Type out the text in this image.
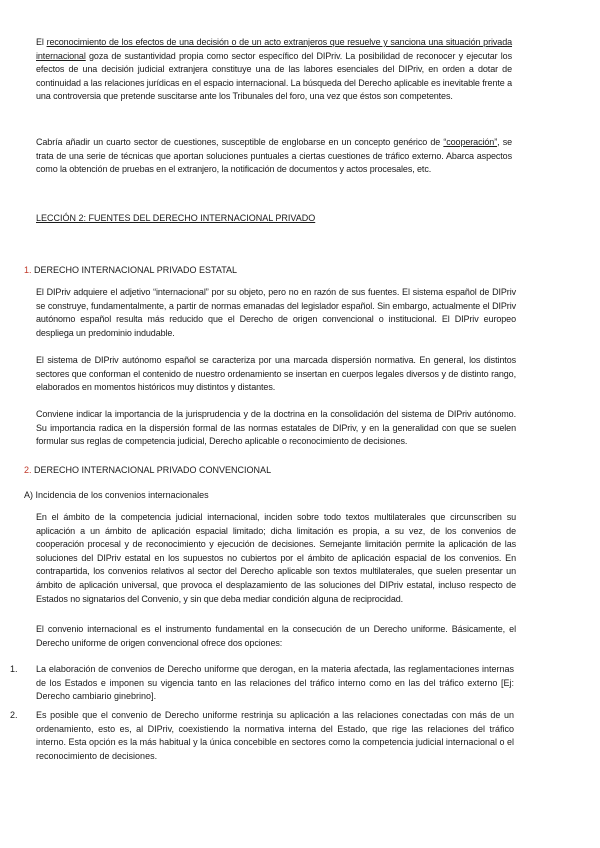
El reconocimiento de los efectos de una decisión o de un acto extranjeros que resuelve y sanciona una situación privada internacional goza de sustantividad propia como sector específico del DIPriv. La posibilidad de reconocer y ejecutar los efectos de una decisión judicial extranjera constituye una de las labores esenciales del DIPriv, en orden a dotar de continuidad a las relaciones jurídicas en el espacio internacional. La búsqueda del Derecho aplicable es inevitable frente a una controversia que pretende suscitarse ante los Tribunales del foro, una vez que éstos son competentes.

Cabría añadir un cuarto sector de cuestiones, susceptible de englobarse en un concepto genérico de “cooperación”, se trata de una serie de técnicas que aportan soluciones puntuales a ciertas cuestiones de tráfico externo. Abarca aspectos como la obtención de pruebas en el extranjero, la notificación de documentos y actos procesales, etc.

LECCIÓN 2: FUENTES DEL DERECHO INTERNACIONAL PRIVADO
1. DERECHO INTERNACIONAL PRIVADO ESTATAL

El DIPriv adquiere el adjetivo “internacional” por su objeto, pero no en razón de sus fuentes. El sistema español de DIPriv se construye, fundamentalmente, a partir de normas emanadas del legislador español. Sin embargo, actualmente el DIPriv autónomo español resulta más reducido que el Derecho de origen convencional o institucional. El DIPriv europeo despliega un predominio indudable.

El sistema de DIPriv autónomo español se caracteriza por una marcada dispersión normativa. En general, los distintos sectores que conforman el contenido de nuestro ordenamiento se insertan en cuerpos legales diversos y de distinto rango, elaborados en momentos históricos muy distintos y distantes.

Conviene indicar la importancia de la jurisprudencia y de la doctrina en la consolidación del sistema de DIPriv autónomo. Su importancia radica en la dispersión formal de las normas estatales de DIPriv, y en la generalidad con que se suelen formular sus reglas de competencia judicial, Derecho aplicable o reconocimiento de decisiones.

2. DERECHO INTERNACIONAL PRIVADO CONVENCIONAL
A) Incidencia de los convenios internacionales

En el ámbito de la competencia judicial internacional, inciden sobre todo textos multilaterales que circunscriben su aplicación a un ámbito de aplicación espacial limitado; dicha limitación es propia, a su vez, de los convenios de cooperación procesal y de reconocimiento y ejecución de decisiones. Semejante limitación permite la aplicación de las soluciones del DIPriv estatal en los supuestos no cubiertos por el ámbito de aplicación espacial de los convenios. En contrapartida, los convenios relativos al sector del Derecho aplicable son textos multilaterales, que suelen presentar un ámbito de aplicación universal, que provoca el desplazamiento de las soluciones del DIPriv estatal, incluso respecto de Estados no signatarios del Convenio, y sin que deba mediar condición alguna de reciprocidad.

El convenio internacional es el instrumento fundamental en la consecución de un Derecho uniforme. Básicamente, el Derecho uniforme de origen convencional ofrece dos opciones:

1. La elaboración de convenios de Derecho uniforme que derogan, en la materia afectada, las reglamentaciones internas de los Estados e imponen su vigencia tanto en las relaciones del tráfico interno como en las del tráfico externo [Ej: Derecho cambiario ginebrino].
2. Es posible que el convenio de Derecho uniforme restrinja su aplicación a las relaciones conectadas con más de un ordenamiento, esto es, al DIPriv, coexistiendo la normativa interna del Estado, que rige las relaciones del tráfico interno. Esta opción es la más habitual y la única concebible en sectores como la competencia judicial internacional o el reconocimiento de decisiones.
